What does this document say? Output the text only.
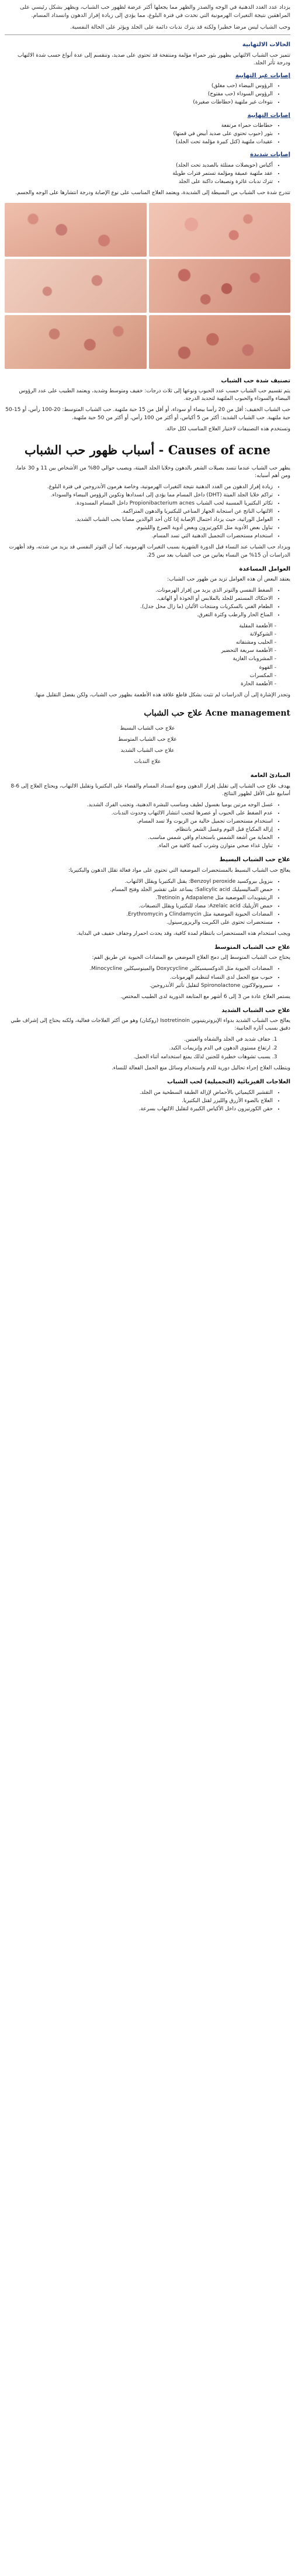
يزداد عدد الغدد الدهنية في الوجه والصدر والظهر مما يجعلها أكثر عرضة لظهور حب الشباب، ويظهر بشكل رئيسي على المراهقين نتيجة التغيرات الهرمونية التي تحدث في فترة البلوغ، مما يؤدي إلى زيادة إفراز الدهون وانسداد المسام.

وحب الشباب ليس مرضا خطيرا ولكنه قد يترك ندبات دائمة على الجلد ويؤثر على الحالة النفسية.

الحالات الالتهابية

تتميز حب الشباب الالتهابي بظهور بثور حمراء مؤلمة ومنتفخة قد تحتوي على صديد، وتنقسم إلى عدة أنواع حسب شدة الالتهاب ودرجة تأثر الجلد.

إصابات غير التهابية
• الرؤوس البيضاء (حب مغلق)
• الرؤوس السوداء (حب مفتوح)
• نتوءات غير ملتهبة (حطاطات صغيرة)
إصابات التهابية
• حطاطات حمراء مرتفعة
• بثور (حبوب تحتوي على صديد أبيض في قمتها)
• عقيدات ملتهبة (كتل كبيرة مؤلمة تحت الجلد)
إصابات شديدة
• أكياس (حويصلات ممتلئة بالصديد تحت الجلد)
• عقد ملتهبة عميقة ومؤلمة تستمر فترات طويلة
• تترك ندبات غائرة وتصبغات داكنة على الجلد

تتدرج شدة حب الشباب من البسيطة إلى الشديدة، ويعتمد العلاج المناسب على نوع الإصابة ودرجة انتشارها على الوجه والجسم.

تصنيف شدة حب الشباب

يتم تقسيم حب الشباب حسب عدد الحبوب ونوعها إلى ثلاث درجات: خفيف ومتوسط وشديد، ويعتمد الطبيب على عدد الرؤوس البيضاء والسوداء والحبوب الملتهبة لتحديد الدرجة.

حب الشباب الخفيف: أقل من 20 رأسا بيضاء أو سوداء، أو أقل من 15 حبة ملتهبة. حب الشباب المتوسط: 20-100 رأس، أو 15-50 حبة ملتهبة. حب الشباب الشديد: أكثر من 5 أكياس، أو أكثر من 100 رأس، أو أكثر من 50 حبة ملتهبة.

وتستخدم هذه التصنيفات لاختيار العلاج المناسب لكل حالة.

Causes of acne - أسباب ظهور حب الشباب

يظهر حب الشباب عندما تنسد بصيلات الشعر بالدهون وخلايا الجلد الميتة، ويصيب حوالي 80% من الأشخاص بين 11 و 30 عاما، ومن أهم أسبابه:

• زيادة إفراز الدهون من الغدد الدهنية نتيجة التغيرات الهرمونية، وخاصة هرمون الأندروجين في فترة البلوغ.
• تراكم خلايا الجلد الميتة (DHT) داخل المسام مما يؤدي إلى انسدادها وتكوين الرؤوس البيضاء والسوداء.
• تكاثر البكتيريا المسببة لحب الشباب Propionibacterium acnes داخل المسام المسدودة.
• الالتهاب الناتج عن استجابة الجهاز المناعي للبكتيريا والدهون المتراكمة.
• العوامل الوراثية، حيث يزداد احتمال الإصابة إذا كان أحد الوالدين مصابا بحب الشباب الشديد.
• تناول بعض الأدوية مثل الكورتيزون وبعض أدوية الصرع والليثيوم.
• استخدام مستحضرات التجميل الدهنية التي تسد المسام.

ويزداد حب الشباب عند النساء قبل الدورة الشهرية بسبب التغيرات الهرمونية، كما أن التوتر النفسي قد يزيد من شدته، وقد أظهرت الدراسات أن 15% من النساء يعانين من حب الشباب بعد سن 25.

العوامل المساعدة

يعتقد البعض أن هذه العوامل تزيد من ظهور حب الشباب:

• الضغط النفسي والتوتر الذي يزيد من إفراز الهرمونات.
• الاحتكاك المستمر للجلد بالملابس أو الخوذة أو الهاتف.
• الطعام الغني بالسكريات ومنتجات الألبان (ما زال محل جدل).
• المناخ الحار والرطب وكثرة التعرق.
- الأطعمة المقلية
- الشوكولاتة
- الحليب ومشتقاته
- الأطعمة سريعة التحضير
- المشروبات الغازية
- القهوة
- المكسرات
- الأطعمة الحارة

وتجدر الإشارة إلى أن الدراسات لم تثبت بشكل قاطع علاقة هذه الأطعمة بظهور حب الشباب، ولكن يفضل التقليل منها.

Acne management علاج حب الشباب

علاج حب الشباب البسيط

علاج حب الشباب المتوسط

علاج حب الشباب الشديد

علاج الندبات

المبادئ العامة

يهدف علاج حب الشباب إلى تقليل إفراز الدهون ومنع انسداد المسام والقضاء على البكتيريا وتقليل الالتهاب، ويحتاج العلاج إلى 6-8 أسابيع على الأقل لظهور النتائج.

• غسل الوجه مرتين يوميا بغسول لطيف ومناسب للبشرة الدهنية، وتجنب الفرك الشديد.
• عدم الضغط على الحبوب أو عصرها لتجنب انتشار الالتهاب وحدوث الندبات.
• استخدام مستحضرات تجميل خالية من الزيوت ولا تسد المسام.
• إزالة المكياج قبل النوم وغسل الشعر بانتظام.
• الحماية من أشعة الشمس باستخدام واقي شمس مناسب.
• تناول غذاء صحي متوازن وشرب كمية كافية من الماء.
علاج حب الشباب البسيط

يعالج حب الشباب البسيط بالمستحضرات الموضعية التي تحتوي على مواد فعالة تقلل الدهون والبكتيريا:

• بنزويل بيروكسيد Benzoyl peroxide: يقتل البكتيريا ويقلل الالتهاب.
• حمض الساليسيليك Salicylic acid: يساعد على تقشير الجلد وفتح المسام.
• الريتينويدات الموضعية مثل Adapalene و Tretinoin.
• حمض الأزيليك Azelaic acid: مضاد للبكتيريا ويقلل التصبغات.
• المضادات الحيوية الموضعية مثل Clindamycin و Erythromycin.
• مستحضرات تحتوي على الكبريت والريزورسينول.

ويجب استخدام هذه المستحضرات بانتظام لمدة كافية، وقد يحدث احمرار وجفاف خفيف في البداية.

علاج حب الشباب المتوسط

يحتاج حب الشباب المتوسط إلى دمج العلاج الموضعي مع المضادات الحيوية عن طريق الفم:

• المضادات الحيوية مثل الدوكسيسيكلين Doxycycline والمينوسيكلين Minocycline.
• حبوب منع الحمل لدى النساء لتنظيم الهرمونات.
• سبيرونولاكتون Spironolactone لتقليل تأثير الأندروجين.

يستمر العلاج عادة من 3 إلى 6 أشهر مع المتابعة الدورية لدى الطبيب المختص.

علاج حب الشباب الشديد

يعالج حب الشباب الشديد بدواء الإيزوتريتينوين Isotretinoin (روكتان) وهو من أكثر العلاجات فعالية، ولكنه يحتاج إلى إشراف طبي دقيق بسبب آثاره الجانبية:

1. جفاف شديد في الجلد والشفاه والعينين.
2. ارتفاع مستوى الدهون في الدم وإنزيمات الكبد.
3. يسبب تشوهات خطيرة للجنين لذلك يمنع استخدامه أثناء الحمل.

ويتطلب العلاج إجراء تحاليل دورية للدم واستخدام وسائل منع الحمل الفعالة للنساء.

العلاجات الفيزيائية (التجميلية) لحب الشباب
• التقشير الكيميائي بالأحماض لإزالة الطبقة السطحية من الجلد.
• العلاج بالضوء الأزرق والليزر لقتل البكتيريا.
• حقن الكورتيزون داخل الأكياس الكبيرة لتقليل الالتهاب بسرعة.
